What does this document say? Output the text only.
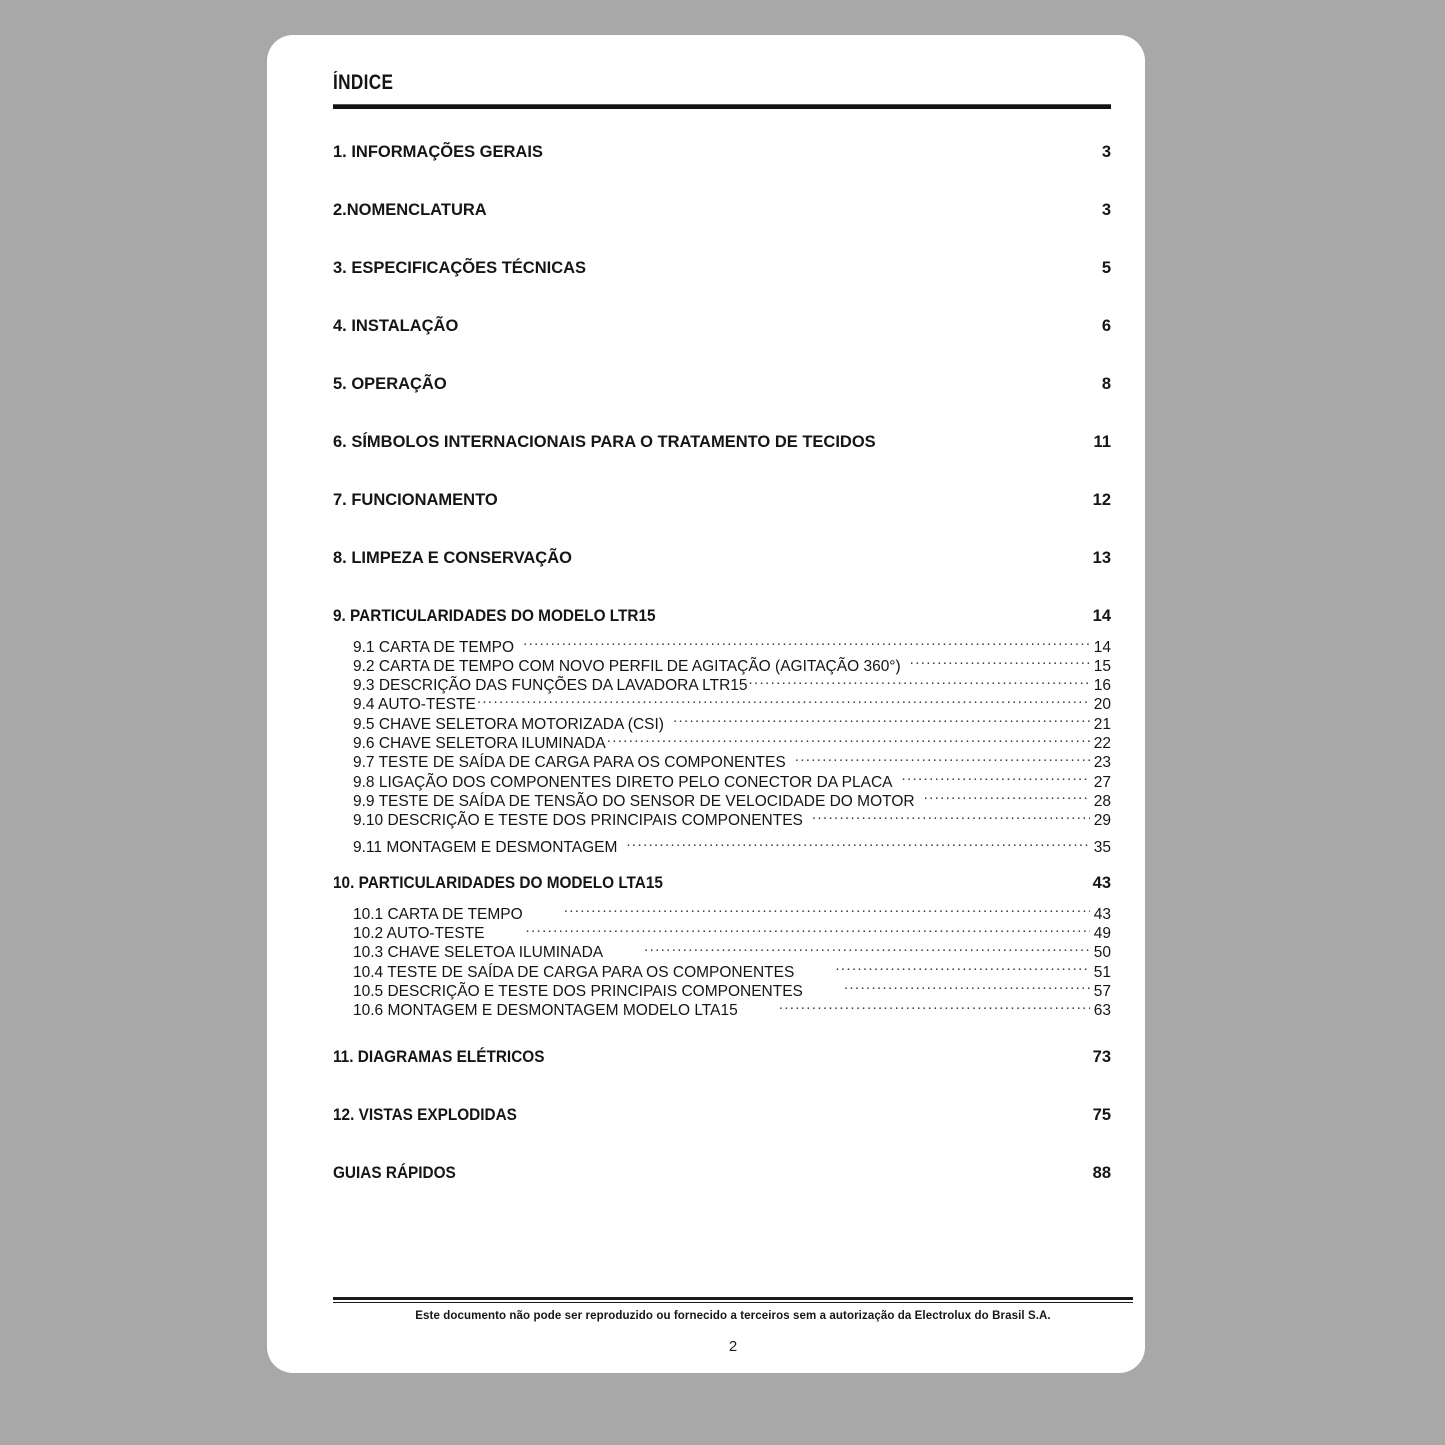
ÍNDICE
1. INFORMAÇÕES GERAIS .....	3
2.NOMENCLATURA .....	3
3. ESPECIFICAÇÕES TÉCNICAS .....	5
4. INSTALAÇÃO .....	6
5. OPERAÇÃO .....	8
6. SÍMBOLOS INTERNACIONAIS PARA O TRATAMENTO DE TECIDOS .....	11
7. FUNCIONAMENTO .....	12
8. LIMPEZA E CONSERVAÇÃO .....	13
9. PARTICULARIDADES DO MODELO LTR15 .....	14
9.1 CARTA DE TEMPO .....	14
9.2 CARTA DE TEMPO COM NOVO PERFIL DE AGITAÇÃO (AGITAÇÃO 360°) .....	15
9.3 DESCRIÇÃO DAS FUNÇÕES DA LAVADORA LTR15 .....	16
9.4 AUTO-TESTE .....	20
9.5 CHAVE SELETORA MOTORIZADA (CSI) .....	21
9.6 CHAVE SELETORA ILUMINADA .....	22
9.7 TESTE DE SAÍDA DE CARGA PARA OS COMPONENTES .....	23
9.8 LIGAÇÃO DOS COMPONENTES DIRETO PELO CONECTOR DA PLACA .....	27
9.9 TESTE DE SAÍDA DE TENSÃO DO SENSOR DE VELOCIDADE DO MOTOR .....	28
9.10 DESCRIÇÃO E TESTE DOS PRINCIPAIS COMPONENTES .....	29
9.11 MONTAGEM E DESMONTAGEM .....	35
10. PARTICULARIDADES DO MODELO LTA15 .....	43
10.1 CARTA DE TEMPO .....	43
10.2 AUTO-TESTE .....	49
10.3 CHAVE SELETOA ILUMINADA .....	50
10.4 TESTE DE SAÍDA DE CARGA PARA OS COMPONENTES .....	51
10.5 DESCRIÇÃO E TESTE DOS PRINCIPAIS COMPONENTES .....	57
10.6 MONTAGEM E DESMONTAGEM MODELO LTA15 .....	63
11. DIAGRAMAS ELÉTRICOS .....	73
12. VISTAS EXPLODIDAS .....	75
GUIAS RÁPIDOS .....	88
Este documento não pode ser reproduzido ou fornecido a terceiros sem a autorização da Electrolux do Brasil S.A.
2
